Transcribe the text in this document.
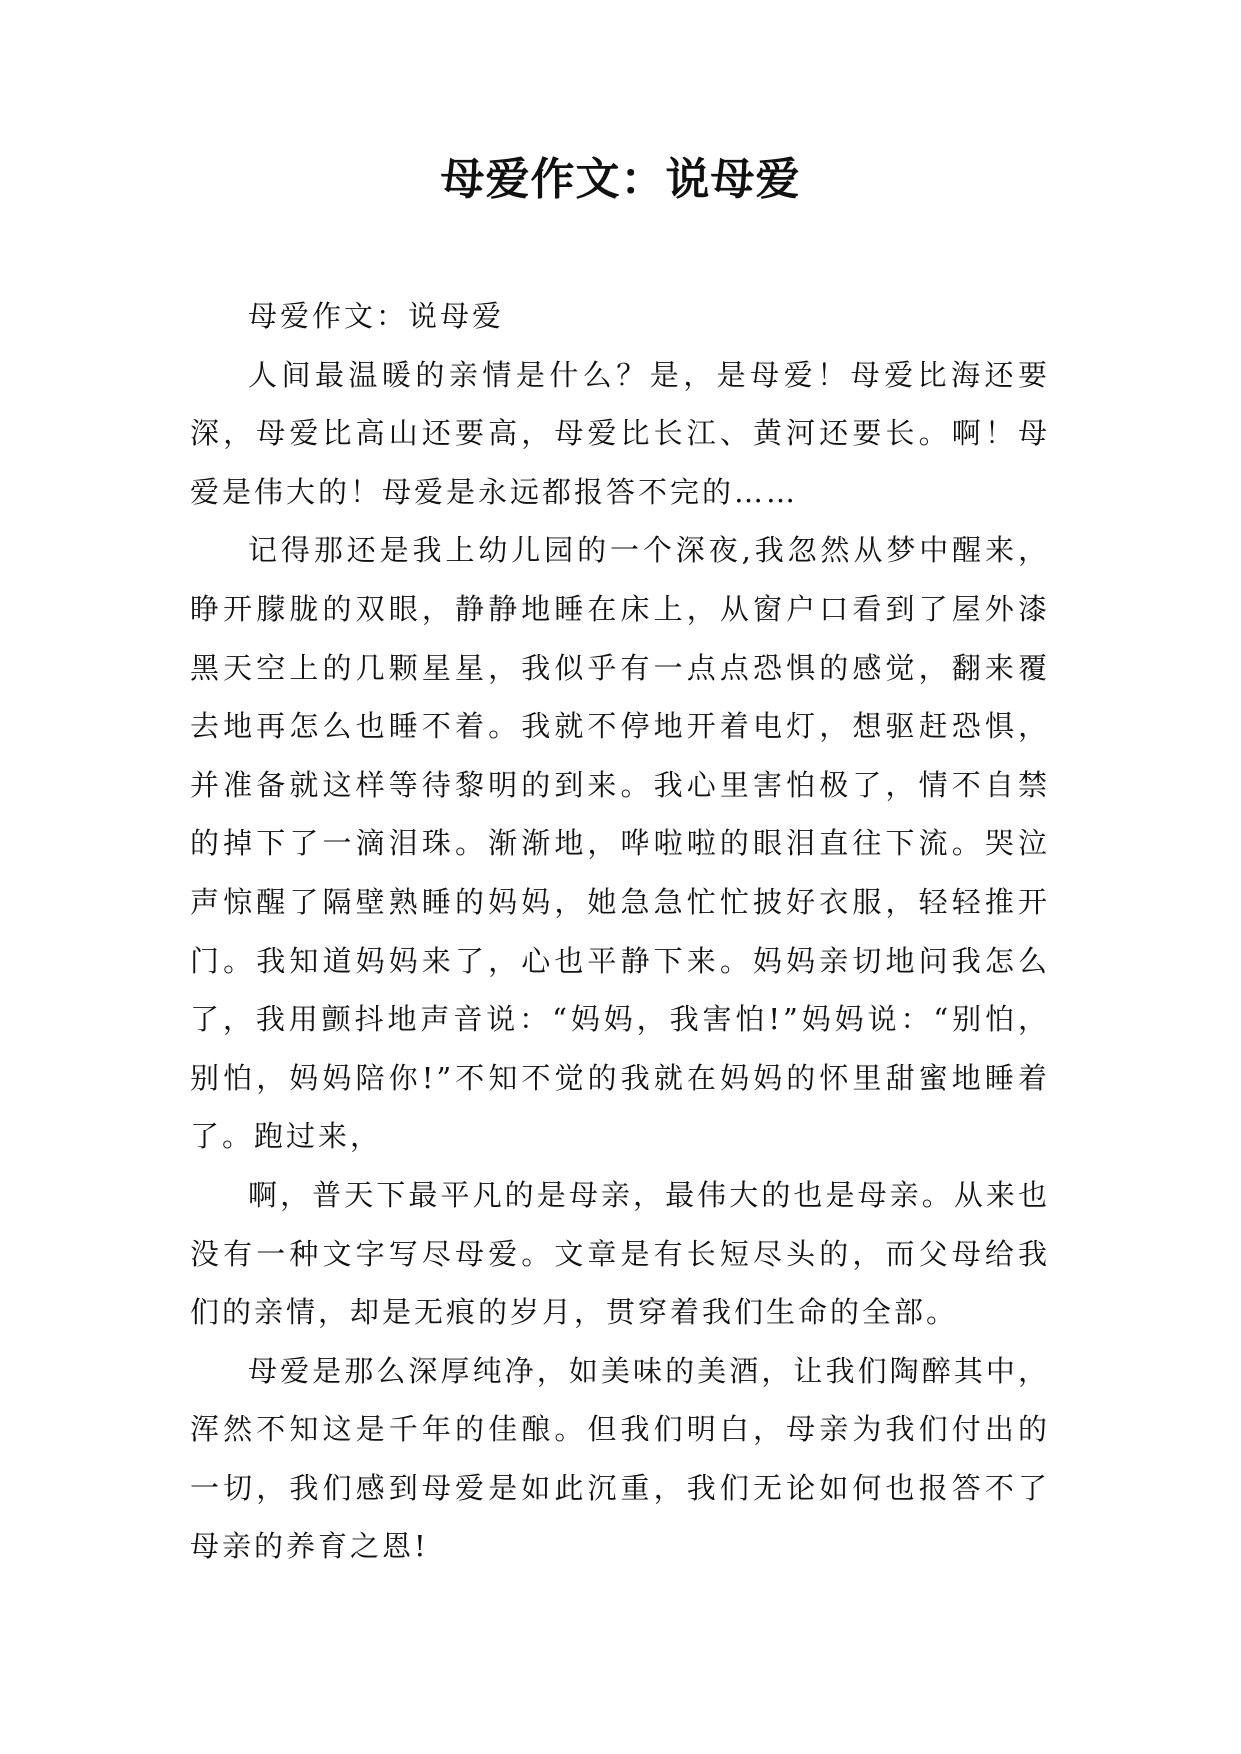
母爱作文：说母爱

母爱作文：说母爱

人间最温暖的亲情是什么？是，是母爱！母爱比海还要深，母爱比高山还要高，母爱比长江、黄河还要长。啊！母爱是伟大的！母爱是永远都报答不完的……

记得那还是我上幼儿园的一个深夜,我忽然从梦中醒来，睁开朦胧的双眼，静静地睡在床上，从窗户口看到了屋外漆黑天空上的几颗星星，我似乎有一点点恐惧的感觉，翻来覆去地再怎么也睡不着。我就不停地开着电灯，想驱赶恐惧，并准备就这样等待黎明的到来。我心里害怕极了，情不自禁的掉下了一滴泪珠。渐渐地，哗啦啦的眼泪直往下流。哭泣声惊醒了隔壁熟睡的妈妈，她急急忙忙披好衣服，轻轻推开门。我知道妈妈来了，心也平静下来。妈妈亲切地问我怎么了，我用颤抖地声音说：“妈妈，我害怕!”妈妈说：“别怕，别怕，妈妈陪你!”不知不觉的我就在妈妈的怀里甜蜜地睡着了。跑过来，

啊，普天下最平凡的是母亲，最伟大的也是母亲。从来也没有一种文字写尽母爱。文章是有长短尽头的，而父母给我们的亲情，却是无痕的岁月，贯穿着我们生命的全部。

母爱是那么深厚纯净，如美味的美酒，让我们陶醉其中，浑然不知这是千年的佳酿。但我们明白，母亲为我们付出的一切，我们感到母爱是如此沉重，我们无论如何也报答不了母亲的养育之恩!
